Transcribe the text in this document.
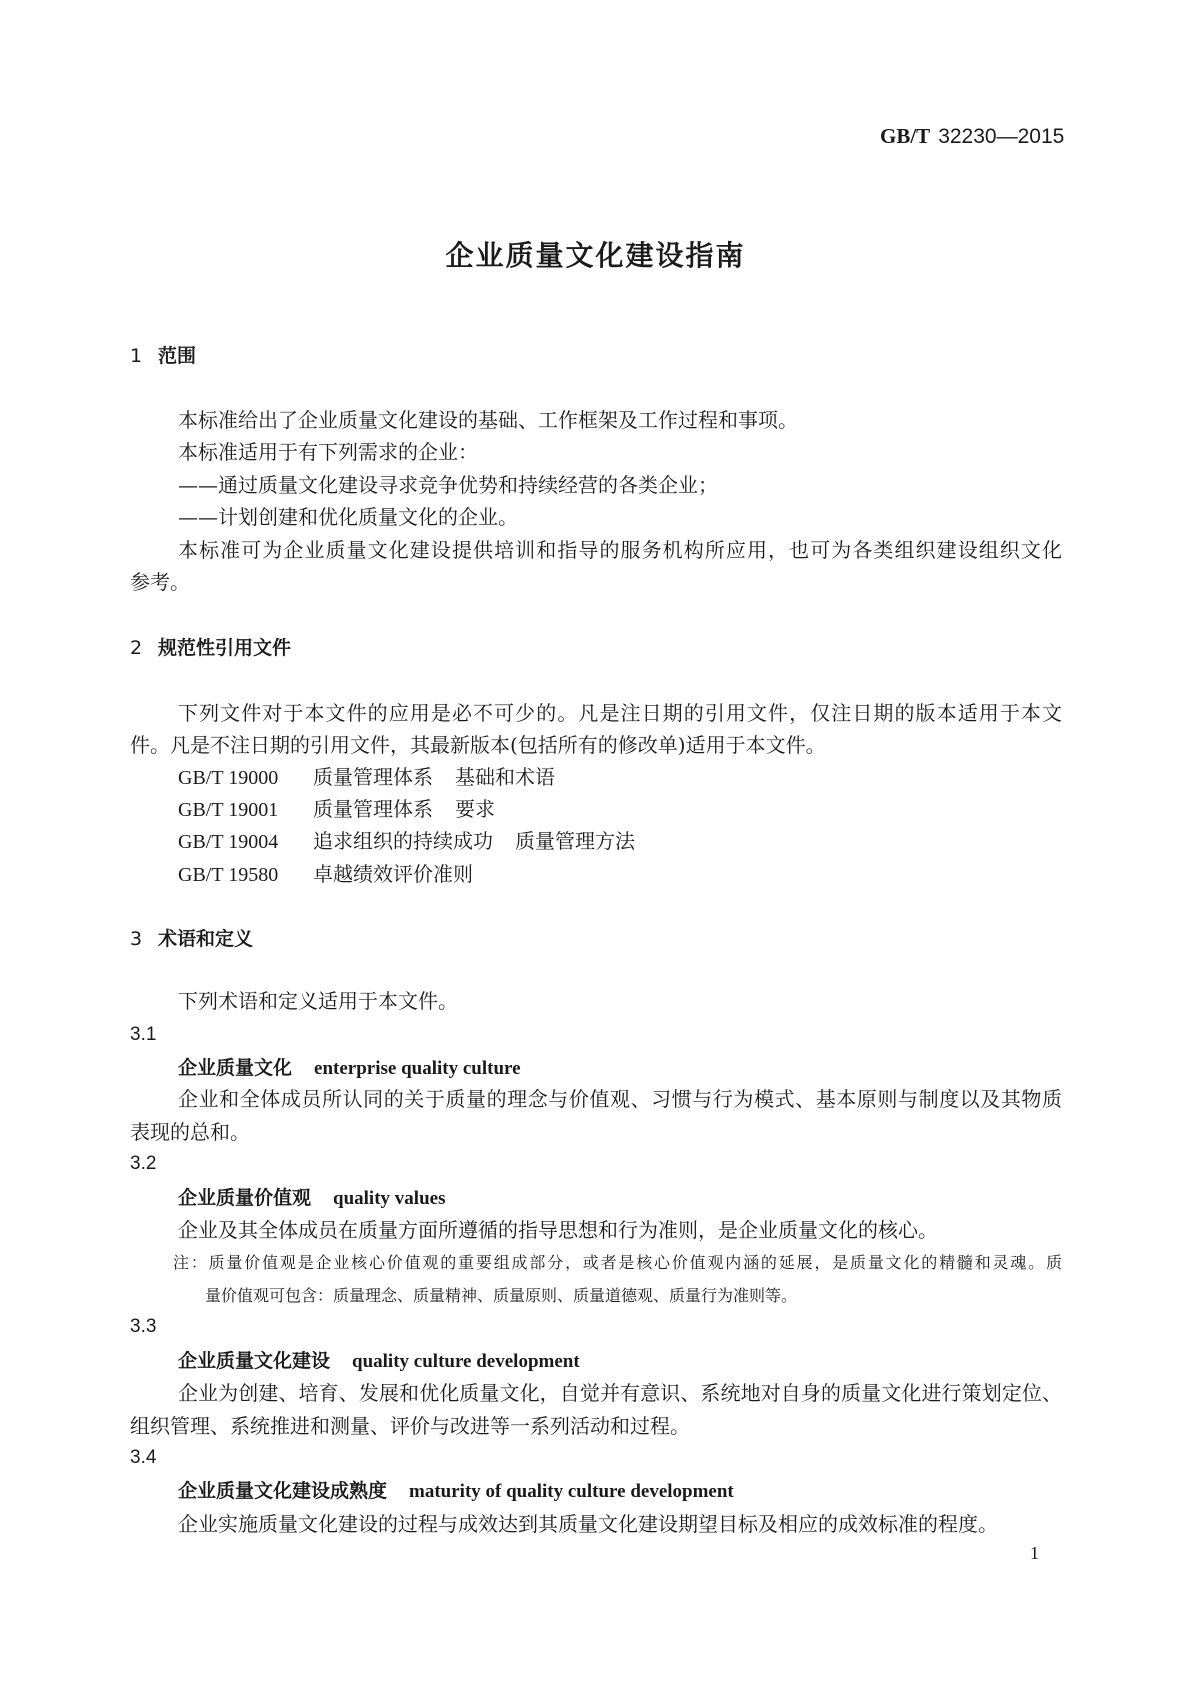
GB/T 32230—2015
企业质量文化建设指南
1 范围
本标准给出了企业质量文化建设的基础、工作框架及工作过程和事项。
本标准适用于有下列需求的企业：
——通过质量文化建设寻求竞争优势和持续经营的各类企业；
——计划创建和优化质量文化的企业。
本标准可为企业质量文化建设提供培训和指导的服务机构所应用，也可为各类组织建设组织文化
参考。
2 规范性引用文件
下列文件对于本文件的应用是必不可少的。凡是注日期的引用文件，仅注日期的版本适用于本文
件。凡是不注日期的引用文件，其最新版本(包括所有的修改单)适用于本文件。
GB/T 19000 质量管理体系 基础和术语
GB/T 19001 质量管理体系 要求
GB/T 19004 追求组织的持续成功 质量管理方法
GB/T 19580 卓越绩效评价准则
3 术语和定义
下列术语和定义适用于本文件。
3.1
企业质量文化 enterprise quality culture
企业和全体成员所认同的关于质量的理念与价值观、习惯与行为模式、基本原则与制度以及其物质
表现的总和。
3.2
企业质量价值观 quality values
企业及其全体成员在质量方面所遵循的指导思想和行为准则，是企业质量文化的核心。
注：质量价值观是企业核心价值观的重要组成部分，或者是核心价值观内涵的延展，是质量文化的精髓和灵魂。质
量价值观可包含：质量理念、质量精神、质量原则、质量道德观、质量行为准则等。
3.3
企业质量文化建设 quality culture development
企业为创建、培育、发展和优化质量文化，自觉并有意识、系统地对自身的质量文化进行策划定位、
组织管理、系统推进和测量、评价与改进等一系列活动和过程。
3.4
企业质量文化建设成熟度 maturity of quality culture development
企业实施质量文化建设的过程与成效达到其质量文化建设期望目标及相应的成效标准的程度。
1
